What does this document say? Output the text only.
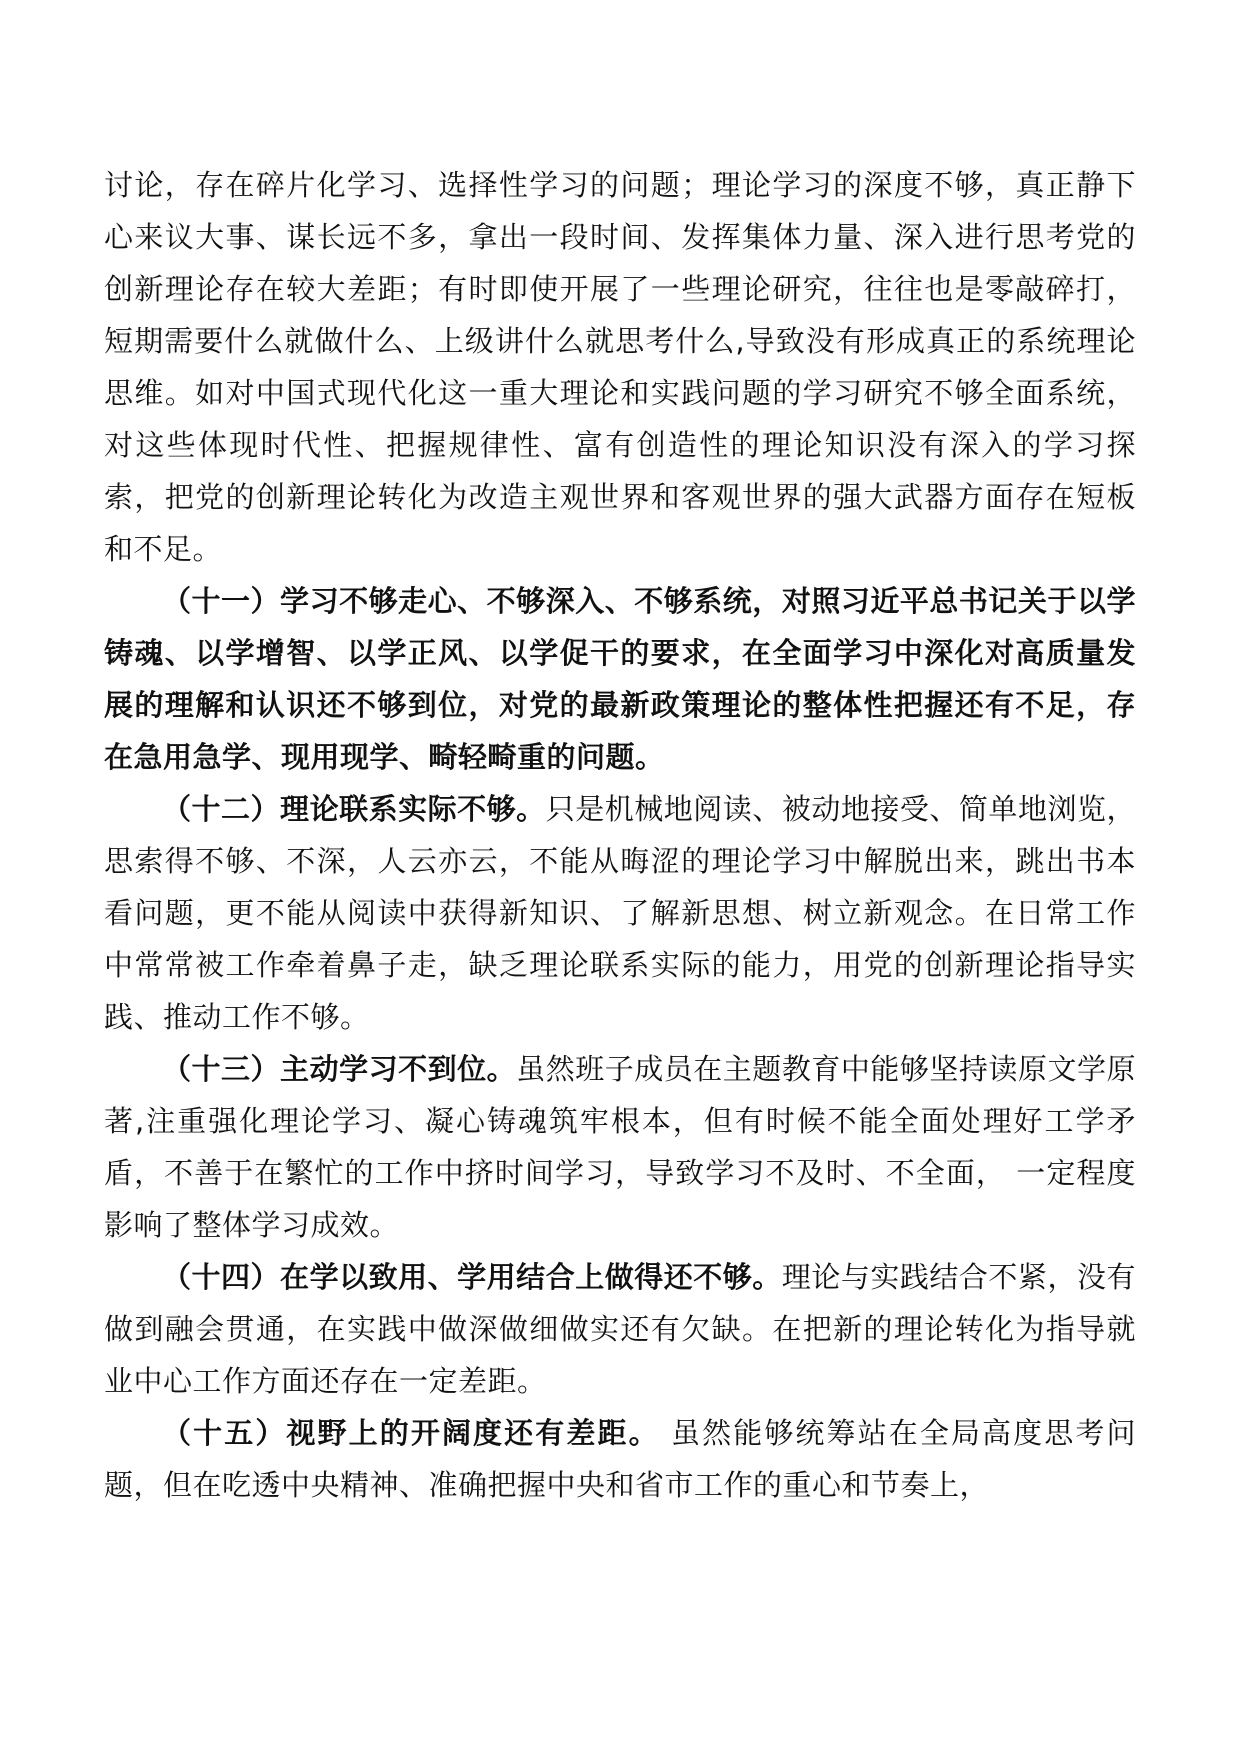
讨论，存在碎片化学习、选择性学习的问题；理论学习的深度不够，真正静下心来议大事、谋长远不多，拿出一段时间、发挥集体力量、深入进行思考党的创新理论存在较大差距；有时即使开展了一些理论研究，往往也是零敲碎打，短期需要什么就做什么、上级讲什么就思考什么,导致没有形成真正的系统理论思维。如对中国式现代化这一重大理论和实践问题的学习研究不够全面系统，对这些体现时代性、把握规律性、富有创造性的理论知识没有深入的学习探索，把党的创新理论转化为改造主观世界和客观世界的强大武器方面存在短板和不足。

（十一）学习不够走心、不够深入、不够系统，对照习近平总书记关于以学铸魂、以学增智、以学正风、以学促干的要求，在全面学习中深化对高质量发展的理解和认识还不够到位，对党的最新政策理论的整体性把握还有不足，存在急用急学、现用现学、畸轻畸重的问题。

（十二）理论联系实际不够。只是机械地阅读、被动地接受、简单地浏览，思索得不够、不深，人云亦云，不能从晦涩的理论学习中解脱出来，跳出书本看问题，更不能从阅读中获得新知识、了解新思想、树立新观念。在日常工作中常常被工作牵着鼻子走，缺乏理论联系实际的能力，用党的创新理论指导实践、推动工作不够。

（十三）主动学习不到位。虽然班子成员在主题教育中能够坚持读原文学原著,注重强化理论学习、凝心铸魂筑牢根本，但有时候不能全面处理好工学矛盾，不善于在繁忙的工作中挤时间学习，导致学习不及时、不全面， 一定程度影响了整体学习成效。

（十四）在学以致用、学用结合上做得还不够。理论与实践结合不紧，没有做到融会贯通，在实践中做深做细做实还有欠缺。在把新的理论转化为指导就业中心工作方面还存在一定差距。

（十五）视野上的开阔度还有差距。 虽然能够统筹站在全局高度思考问题，但在吃透中央精神、准确把握中央和省市工作的重心和节奏上，
